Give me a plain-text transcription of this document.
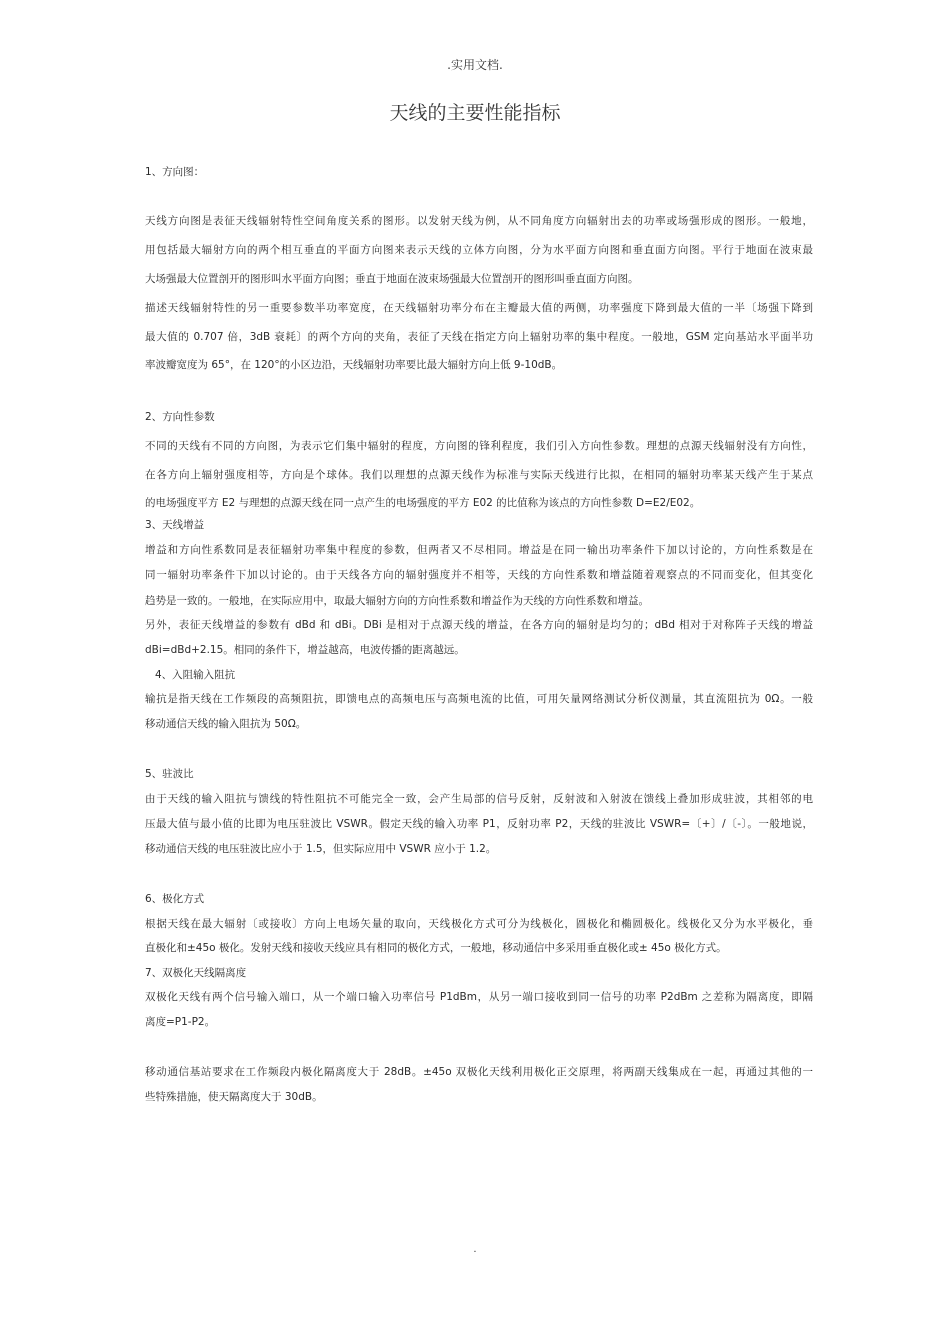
.实用文档.
天线的主要性能指标
1、方向图：
天线方向图是表征天线辐射特性空间角度关系的图形。以发射天线为例，从不同角度方向辐射出去的功率或场强形成的图形。一般地，
用包括最大辐射方向的两个相互垂直的平面方向图来表示天线的立体方向图，分为水平面方向图和垂直面方向图。平行于地面在波束最
大场强最大位置剖开的图形叫水平面方向图；垂直于地面在波束场强最大位置剖开的图形叫垂直面方向图。
描述天线辐射特性的另一重要参数半功率宽度，在天线辐射功率分布在主瓣最大值的两侧，功率强度下降到最大值的一半〔场强下降到
最大值的 0.707 倍，3dB 衰耗〕的两个方向的夹角，表征了天线在指定方向上辐射功率的集中程度。一般地，GSM 定向基站水平面半功
率波瓣宽度为 65°，在 120°的小区边沿，天线辐射功率要比最大辐射方向上低 9-10dB。
2、方向性参数
不同的天线有不同的方向图，为表示它们集中辐射的程度，方向图的锋利程度，我们引入方向性参数。理想的点源天线辐射没有方向性，
在各方向上辐射强度相等，方向是个球体。我们以理想的点源天线作为标准与实际天线进行比拟，在相同的辐射功率某天线产生于某点
的电场强度平方 E2 与理想的点源天线在同一点产生的电场强度的平方 E02 的比值称为该点的方向性参数 D=E2/E02。
3、天线增益
增益和方向性系数同是表征辐射功率集中程度的参数，但两者又不尽相同。增益是在同一输出功率条件下加以讨论的，方向性系数是在
同一辐射功率条件下加以讨论的。由于天线各方向的辐射强度并不相等，天线的方向性系数和增益随着观察点的不同而变化，但其变化
趋势是一致的。一般地，在实际应用中，取最大辐射方向的方向性系数和增益作为天线的方向性系数和增益。
另外，表征天线增益的参数有 dBd 和 dBi。DBi 是相对于点源天线的增益，在各方向的辐射是均匀的；dBd 相对于对称阵子天线的增益
dBi=dBd+2.15。相同的条件下，增益越高，电波传播的距离越远。
4、入阻输入阻抗
输抗是指天线在工作频段的高频阻抗，即馈电点的高频电压与高频电流的比值，可用矢量网络测试分析仪测量，其直流阻抗为 0Ω。一般
移动通信天线的输入阻抗为 50Ω。
5、驻波比
由于天线的输入阻抗与馈线的特性阻抗不可能完全一致，会产生局部的信号反射，反射波和入射波在馈线上叠加形成驻波，其相邻的电
压最大值与最小值的比即为电压驻波比 VSWR。假定天线的输入功率 P1，反射功率 P2，天线的驻波比 VSWR=〔+〕/〔-〕。一般地说，
移动通信天线的电压驻波比应小于 1.5，但实际应用中 VSWR 应小于 1.2。
6、极化方式
根据天线在最大辐射〔或接收〕方向上电场矢量的取向，天线极化方式可分为线极化，圆极化和椭圆极化。线极化又分为水平极化，垂
直极化和±45o 极化。发射天线和接收天线应具有相同的极化方式，一般地，移动通信中多采用垂直极化或± 45o 极化方式。
7、双极化天线隔离度
双极化天线有两个信号输入端口，从一个端口输入功率信号 P1dBm，从另一端口接收到同一信号的功率 P2dBm 之差称为隔离度，即隔
离度=P1-P2。
移动通信基站要求在工作频段内极化隔离度大于 28dB。±45o 双极化天线利用极化正交原理，将两副天线集成在一起，再通过其他的一
些特殊措施，使天隔离度大于 30dB。
.
